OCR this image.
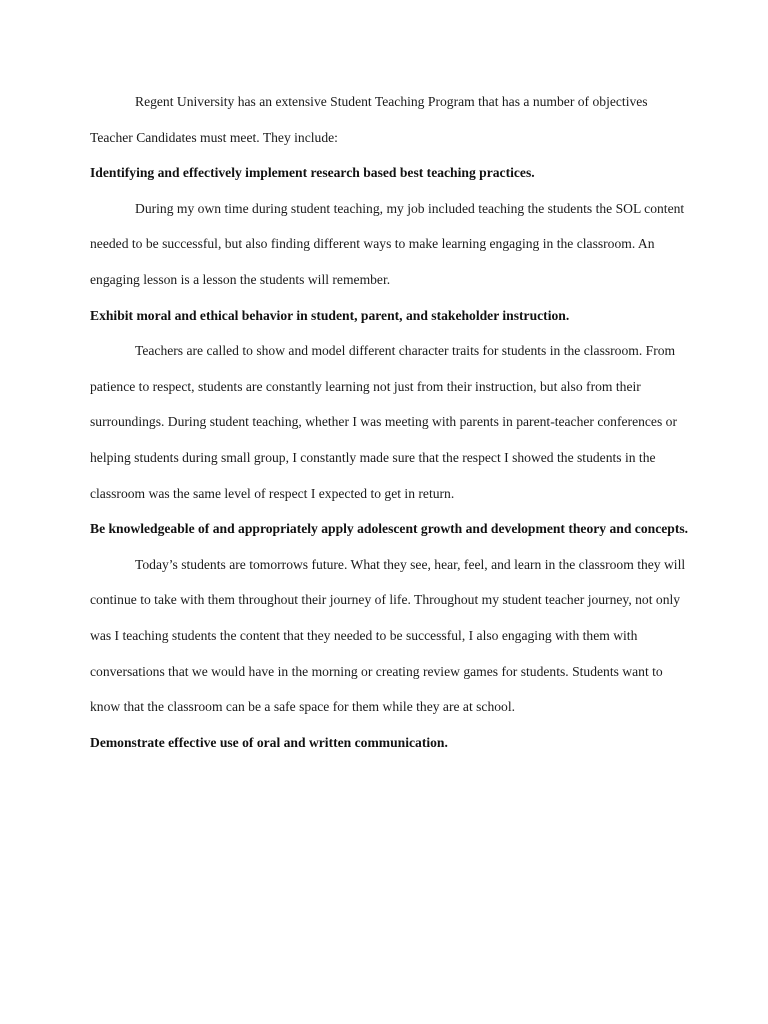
Regent University has an extensive Student Teaching Program that has a number of objectives Teacher Candidates must meet. They include:

Identifying and effectively implement research based best teaching practices.

During my own time during student teaching, my job included teaching the students the SOL content needed to be successful, but also finding different ways to make learning engaging in the classroom. An engaging lesson is a lesson the students will remember.

Exhibit moral and ethical behavior in student, parent, and stakeholder instruction.

Teachers are called to show and model different character traits for students in the classroom. From patience to respect, students are constantly learning not just from their instruction, but also from their surroundings. During student teaching, whether I was meeting with parents in parent-teacher conferences or helping students during small group, I constantly made sure that the respect I showed the students in the classroom was the same level of respect I expected to get in return.

Be knowledgeable of and appropriately apply adolescent growth and development theory and concepts.

Today’s students are tomorrows future. What they see, hear, feel, and learn in the classroom they will continue to take with them throughout their journey of life. Throughout my student teacher journey, not only was I teaching students the content that they needed to be successful, I also engaging with them with conversations that we would have in the morning or creating review games for students. Students want to know that the classroom can be a safe space for them while they are at school.

Demonstrate effective use of oral and written communication.
